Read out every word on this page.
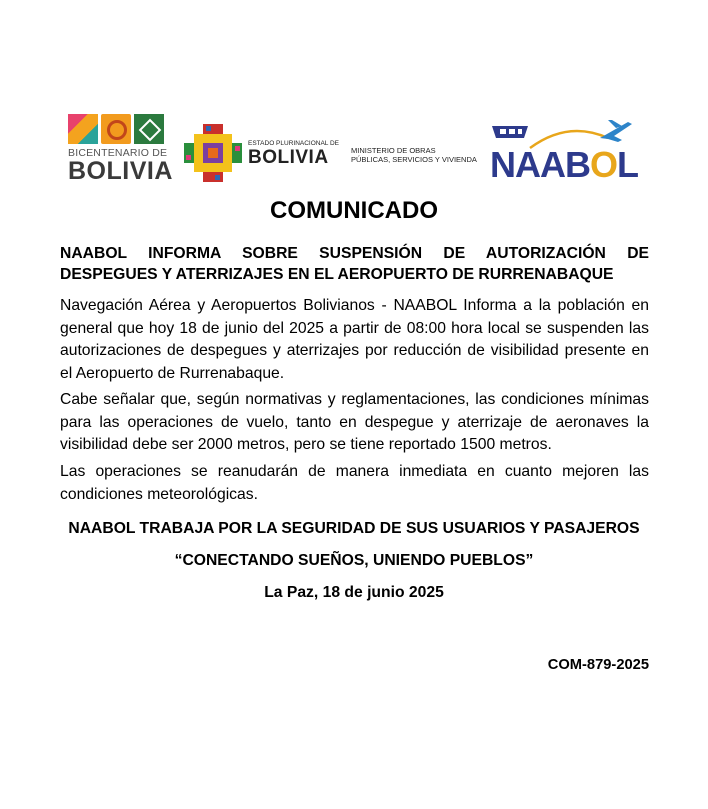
BICENTENARIO DE
BOLIVIA
ESTADO PLURINACIONAL DE
BOLIVIA	MINISTERIO DE OBRAS
PÚBLICAS, SERVICIOS Y VIVIENDA NAABOL
COMUNICADO
NAABOL INFORMA SOBRE SUSPENSIÓN DE AUTORIZACIÓN DE DESPEGUES Y ATERRIZAJES EN EL AEROPUERTO DE RURRENABAQUE

Navegación Aérea y Aeropuertos Bolivianos - NAABOL Informa a la población en general que hoy 18 de junio del 2025 a partir de 08:00 hora local se suspenden las autorizaciones de despegues y aterrizajes por reducción de visibilidad presente en el Aeropuerto de Rurrenabaque.

Cabe señalar que, según normativas y reglamentaciones, las condiciones mínimas para las operaciones de vuelo, tanto en despegue y aterrizaje de aeronaves la visibilidad debe ser 2000 metros, pero se tiene reportado 1500 metros.

Las operaciones se reanudarán de manera inmediata en cuanto mejoren las condiciones meteorológicas.

NAABOL TRABAJA POR LA SEGURIDAD DE SUS USUARIOS Y PASAJEROS
“CONECTANDO SUEÑOS, UNIENDO PUEBLOS”
La Paz, 18 de junio 2025
COM-879-2025
